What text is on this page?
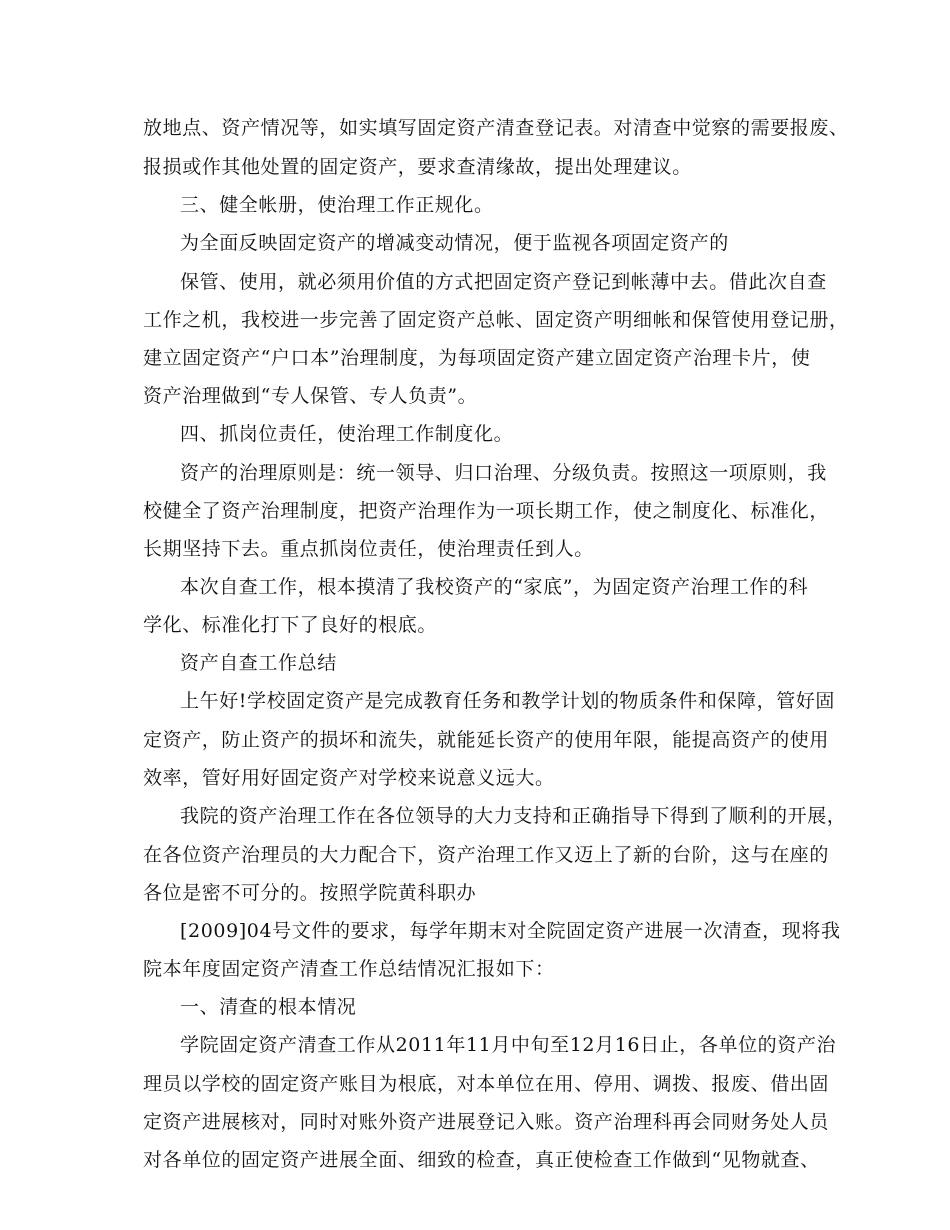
放地点、资产情况等，如实填写固定资产清查登记表。对清查中觉察的需要报废、
报损或作其他处置的固定资产，要求查清缘故，提出处理建议。
三、健全帐册，使治理工作正规化。
为全面反映固定资产的增减变动情况，便于监视各项固定资产的
保管、使用，就必须用价值的方式把固定资产登记到帐薄中去。借此次自查
工作之机，我校进一步完善了固定资产总帐、固定资产明细帐和保管使用登记册，
建立固定资产“户口本”治理制度，为每项固定资产建立固定资产治理卡片，使
资产治理做到“专人保管、专人负责”。
四、抓岗位责任，使治理工作制度化。
资产的治理原则是：统一领导、归口治理、分级负责。按照这一项原则，我
校健全了资产治理制度，把资产治理作为一项长期工作，使之制度化、标准化，
长期坚持下去。重点抓岗位责任，使治理责任到人。
本次自查工作，根本摸清了我校资产的“家底”，为固定资产治理工作的科
学化、标准化打下了良好的根底。
资产自查工作总结
上午好!学校固定资产是完成教育任务和教学计划的物质条件和保障，管好固
定资产，防止资产的损坏和流失，就能延长资产的使用年限，能提高资产的使用
效率，管好用好固定资产对学校来说意义远大。
我院的资产治理工作在各位领导的大力支持和正确指导下得到了顺利的开展，
在各位资产治理员的大力配合下，资产治理工作又迈上了新的台阶，这与在座的
各位是密不可分的。按照学院黄科职办
[2009]04号文件的要求，每学年期末对全院固定资产进展一次清查，现将我
院本年度固定资产清查工作总结情况汇报如下：
一、清查的根本情况
学院固定资产清查工作从2011年11月中旬至12月16日止，各单位的资产治
理员以学校的固定资产账目为根底，对本单位在用、停用、调拨、报废、借出固
定资产进展核对，同时对账外资产进展登记入账。资产治理科再会同财务处人员
对各单位的固定资产进展全面、细致的检查，真正使检查工作做到“见物就查、
